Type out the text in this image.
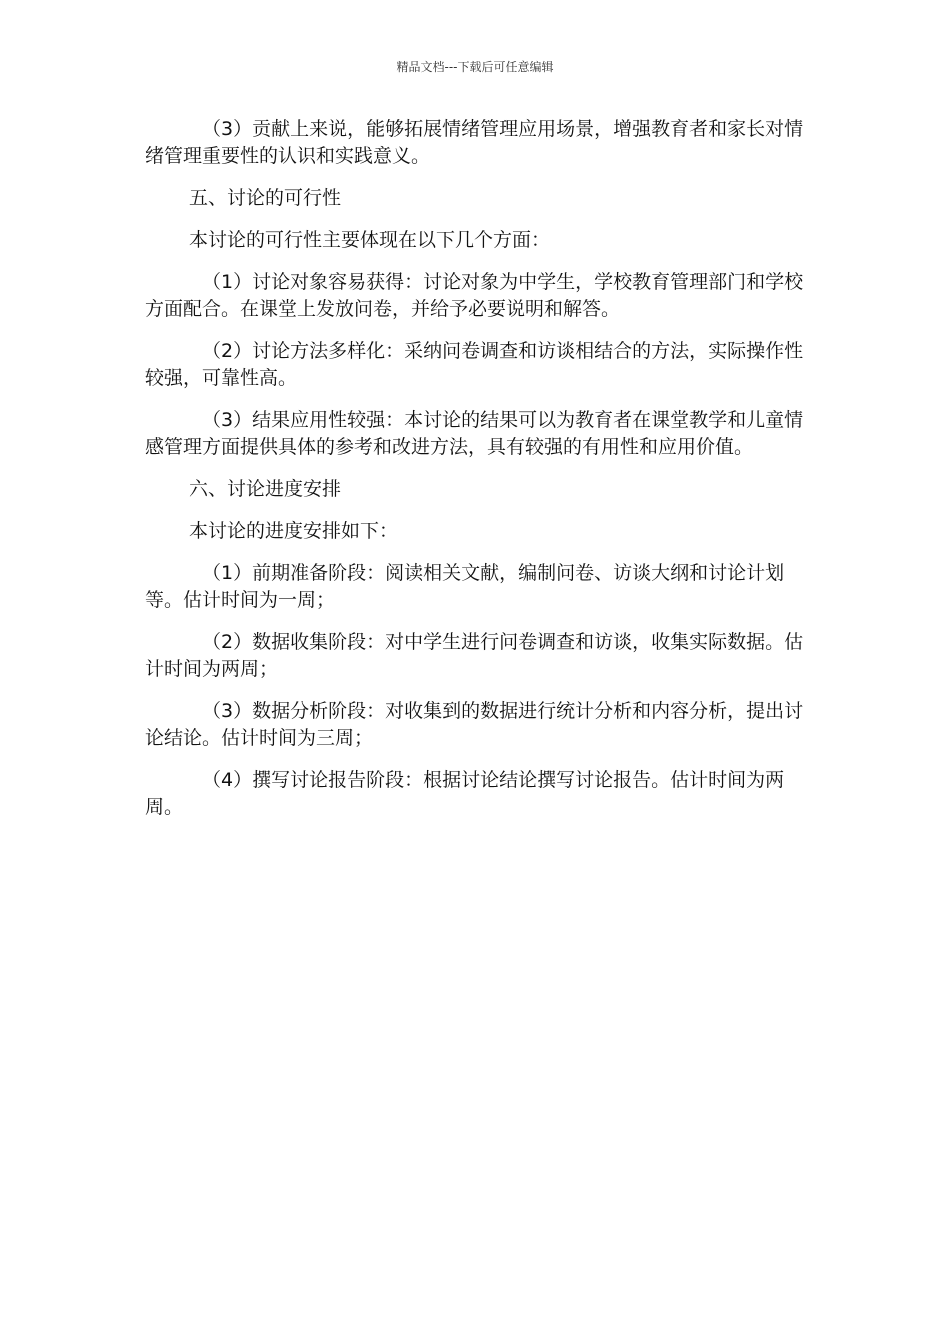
精品文档---下载后可任意编辑

（3）贡献上来说，能够拓展情绪管理应用场景，增强教育者和家长对情绪管理重要性的认识和实践意义。

五、讨论的可行性

本讨论的可行性主要体现在以下几个方面：

（1）讨论对象容易获得：讨论对象为中学生，学校教育管理部门和学校方面配合。在课堂上发放问卷，并给予必要说明和解答。

（2）讨论方法多样化：采纳问卷调查和访谈相结合的方法，实际操作性较强，可靠性高。

（3）结果应用性较强：本讨论的结果可以为教育者在课堂教学和儿童情感管理方面提供具体的参考和改进方法，具有较强的有用性和应用价值。

六、讨论进度安排

本讨论的进度安排如下：

（1）前期准备阶段：阅读相关文献，编制问卷、访谈大纲和讨论计划等。估计时间为一周；

（2）数据收集阶段：对中学生进行问卷调查和访谈，收集实际数据。估计时间为两周；

（3）数据分析阶段：对收集到的数据进行统计分析和内容分析，提出讨论结论。估计时间为三周；

（4）撰写讨论报告阶段：根据讨论结论撰写讨论报告。估计时间为两周。
